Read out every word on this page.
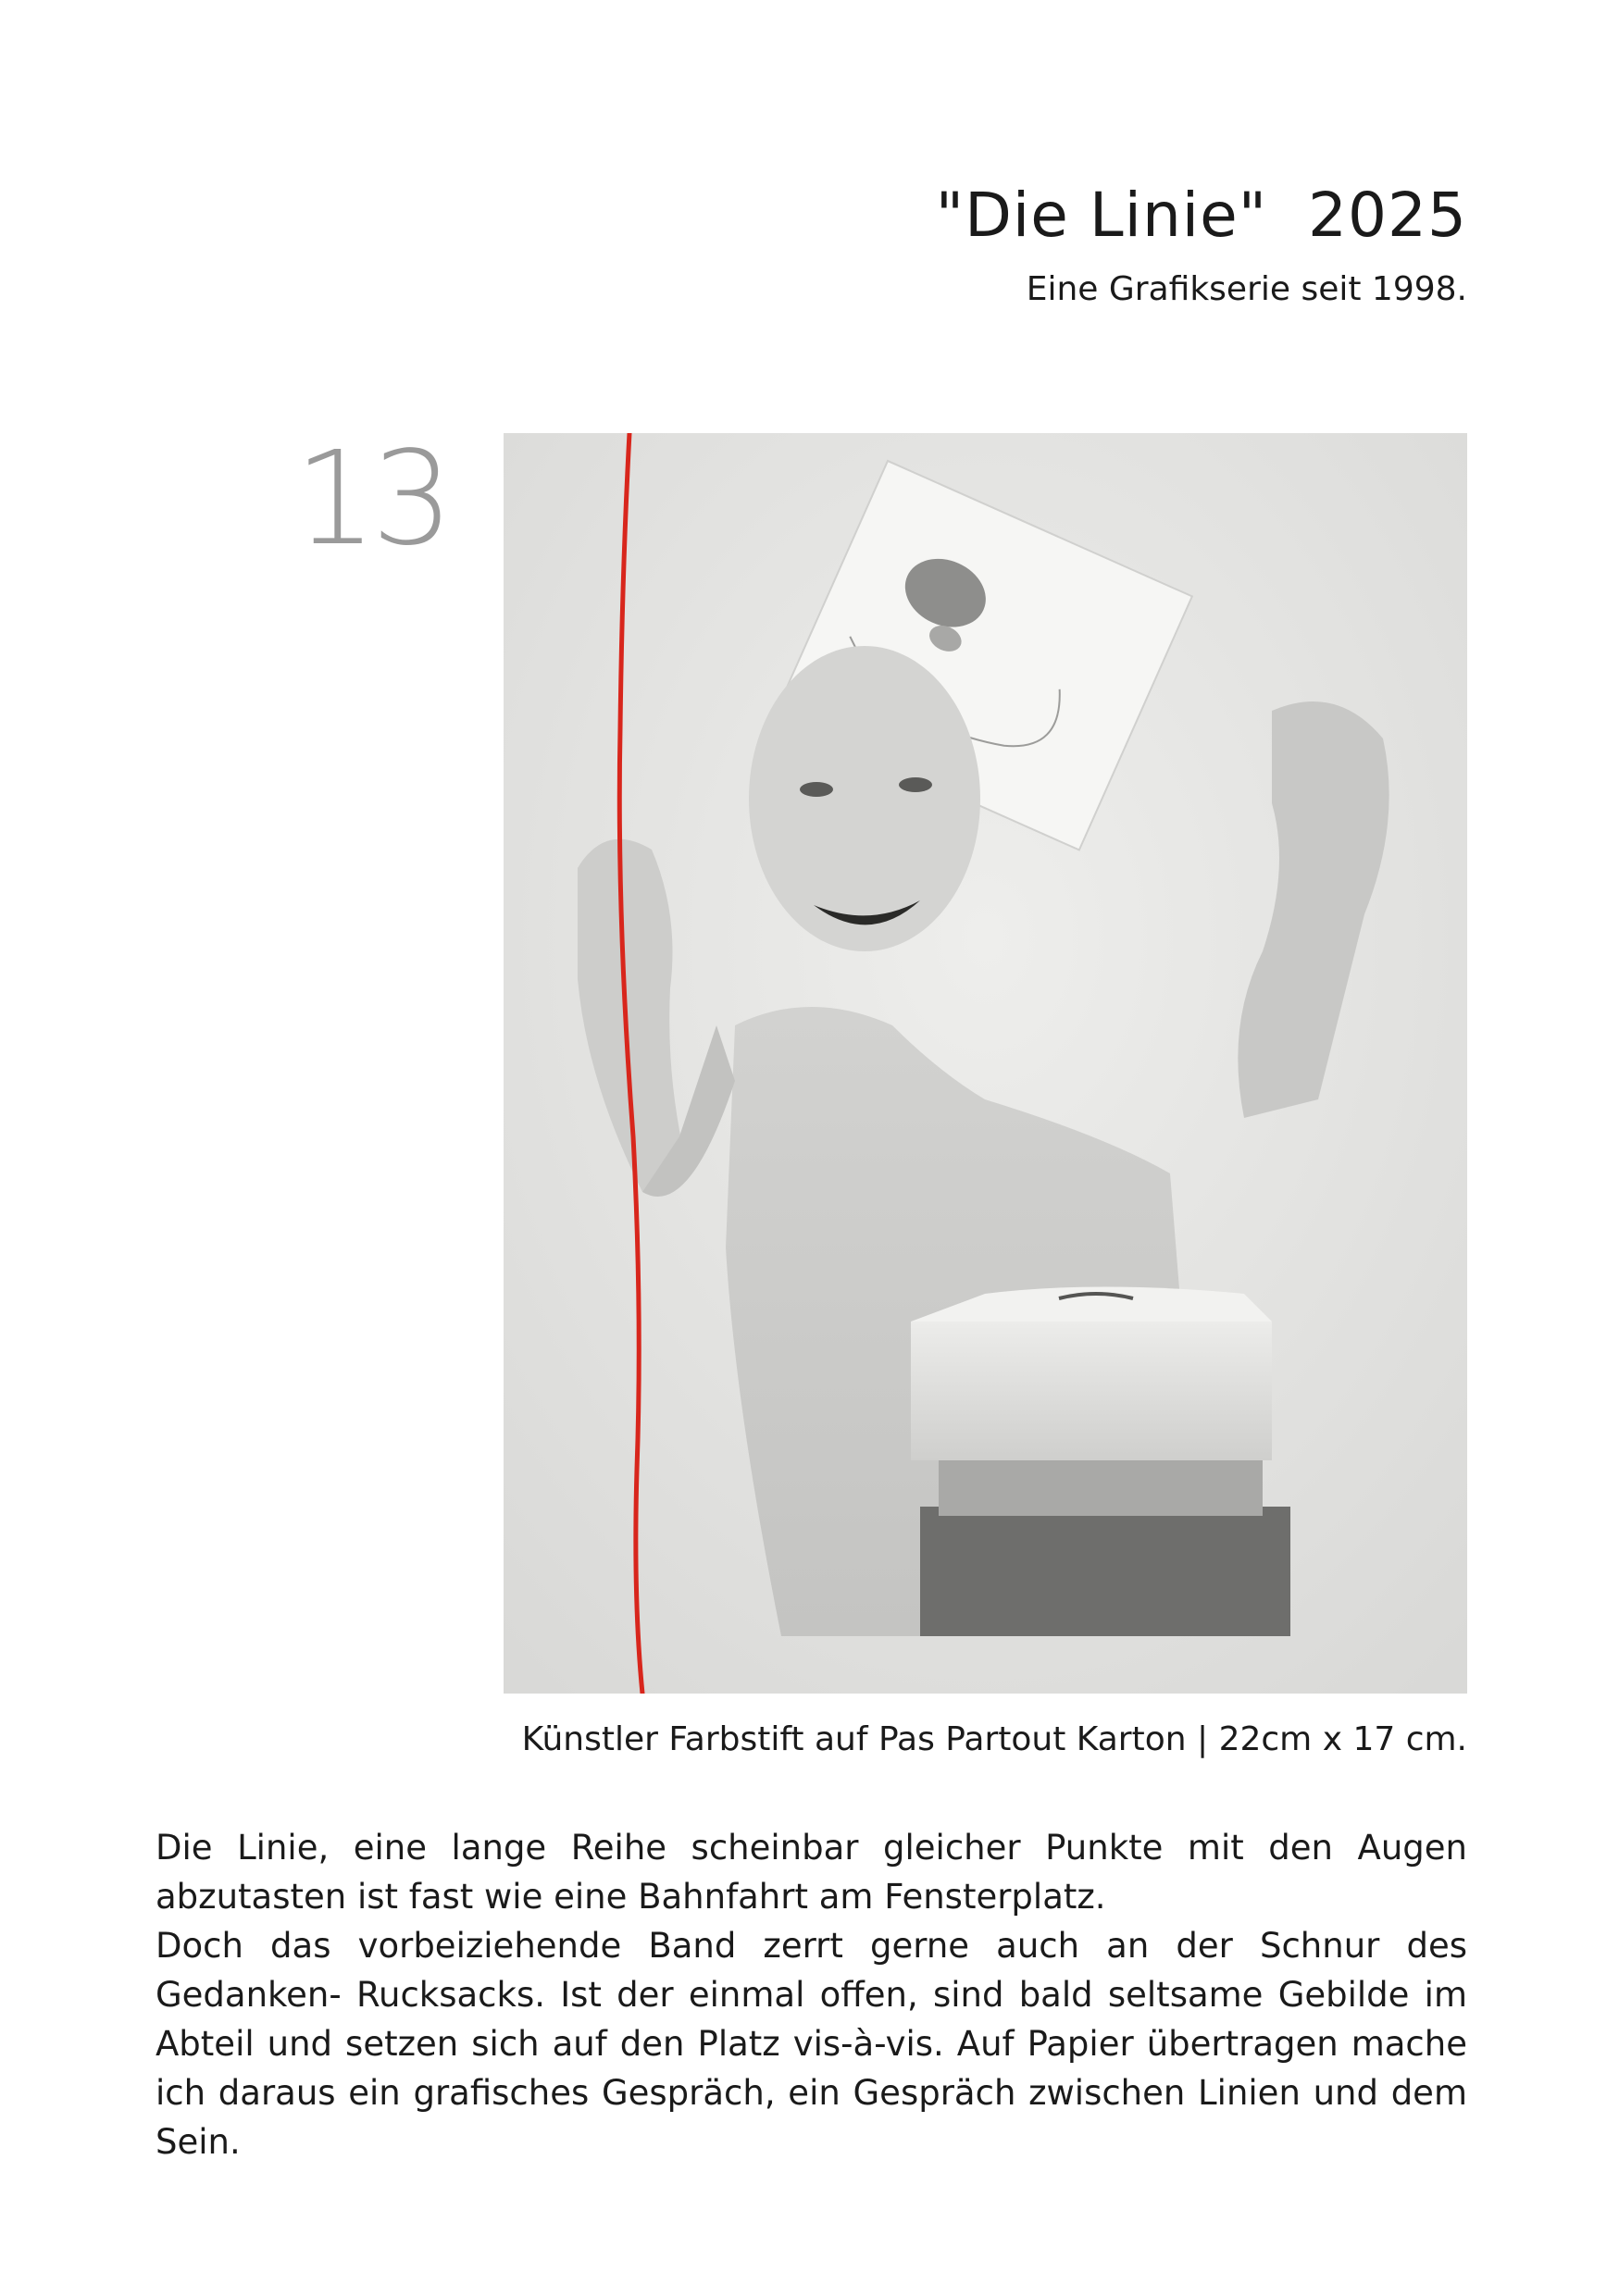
"Die Linie"  2025

Eine Grafikserie seit 1998.

13

Künstler Farbstift auf Pas Partout Karton | 22cm x 17 cm.

Die Linie, eine lange Reihe scheinbar gleicher Punkte mit den Augen abzutasten ist fast wie eine Bahnfahrt am Fensterplatz.

Doch das vorbeiziehende Band zerrt gerne auch an der Schnur des Gedanken- Rucksacks. Ist der einmal offen, sind bald seltsame Gebilde im Abteil und setzen sich auf den Platz vis-à-vis. Auf Papier übertragen mache ich daraus ein grafisches Gespräch, ein Gespräch zwischen Linien und dem Sein.
